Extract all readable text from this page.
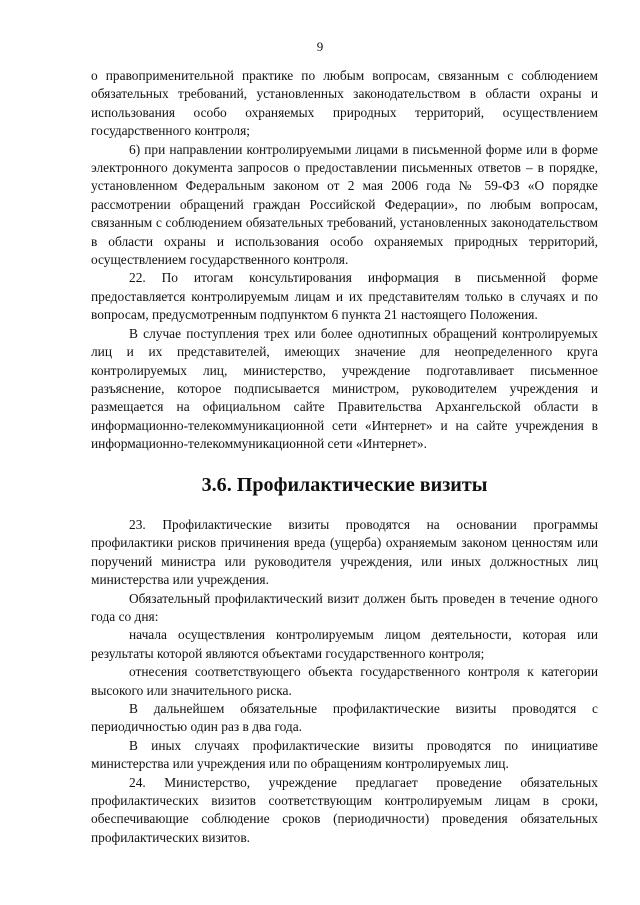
9

о правоприменительной практике по любым вопросам, связанным с соблюдением обязательных требований, установленных законодательством в области охраны и использования особо охраняемых природных территорий, осуществлением государственного контроля;

6) при направлении контролируемыми лицами в письменной форме или в форме электронного документа запросов о предоставлении письменных ответов – в порядке, установленном Федеральным законом от 2 мая 2006 года № 59-ФЗ «О порядке рассмотрении обращений граждан Российской Федерации», по любым вопросам, связанным с соблюдением обязательных требований, установленных законодательством в области охраны и использования особо охраняемых природных территорий, осуществлением государственного контроля.

22. По итогам консультирования информация в письменной форме предоставляется контролируемым лицам и их представителям только в случаях и по вопросам, предусмотренным подпунктом 6 пункта 21 настоящего Положения.

В случае поступления трех или более однотипных обращений контролируемых лиц и их представителей, имеющих значение для неопределенного круга контролируемых лиц, министерство, учреждение подготавливает письменное разъяснение, которое подписывается министром, руководителем учреждения и размещается на официальном сайте Правительства Архангельской области в информационно-телекоммуникационной сети «Интернет» и на сайте учреждения в информационно-телекоммуникационной сети «Интернет».

3.6. Профилактические визиты

23. Профилактические визиты проводятся на основании программы профилактики рисков причинения вреда (ущерба) охраняемым законом ценностям или поручений министра или руководителя учреждения, или иных должностных лиц министерства или учреждения.

Обязательный профилактический визит должен быть проведен в течение одного года со дня:

начала осуществления контролируемым лицом деятельности, которая или результаты которой являются объектами государственного контроля;

отнесения соответствующего объекта государственного контроля к категории высокого или значительного риска.

В дальнейшем обязательные профилактические визиты проводятся с периодичностью один раз в два года.

В иных случаях профилактические визиты проводятся по инициативе министерства или учреждения или по обращениям контролируемых лиц.

24. Министерство, учреждение предлагает проведение обязательных профилактических визитов соответствующим контролируемым лицам в сроки, обеспечивающие соблюдение сроков (периодичности) проведения обязательных профилактических визитов.
